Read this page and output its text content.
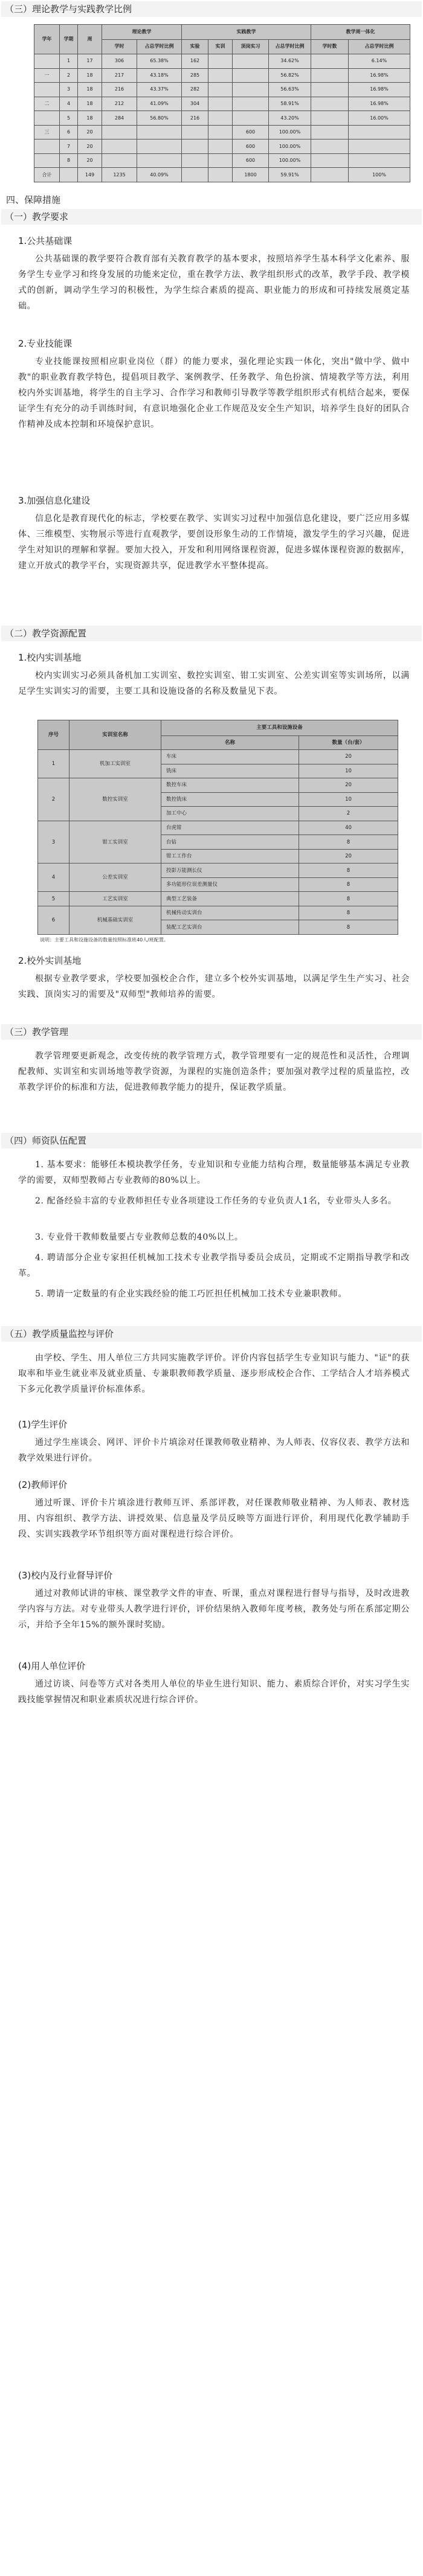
（三）理论教学与实践教学比例
学年	学期	周	理论教学		实践教学				教学周一体化	
			学时	占总学时比例	实验	实训	顶岗实习	占总学时比例	学时数	占总学时比例
	1	17	306	65.38%	162			34.62%		6.14%
一	2	18	217	43.18%	285			56.82%		16.98%
	3	18	216	43.37%	282			56.63%		16.98%
二	4	18	212	41.09%	304			58.91%		16.98%
	5	18	284	56.80%	216			43.20%		16.00%
三	6	20					600	100.00%		
	7	20					600	100.00%		
	8	20					600	100.00%		
合计		149	1235	40.09%			1800	59.91%		100%
四、保障措施
（一）教学要求
1.公共基础课
公共基础课的教学要符合教育部有关教育教学的基本要求，按照培养学生基本科学文化素养、服务学生专业学习和终身发展的功能来定位，重在教学方法、教学组织形式的改革，教学手段、教学模式的创新，调动学生学习的积极性，为学生综合素质的提高、职业能力的形成和可持续发展奠定基础。
2.专业技能课
专业技能课按照相应职业岗位（群）的能力要求，强化理论实践一体化，突出"做中学、做中教"的职业教育教学特色，提倡项目教学、案例教学、任务教学、角色扮演、情境教学等方法，利用校内外实训基地，将学生的自主学习、合作学习和教师引导教学等教学组织形式有机结合起来，要保证学生有充分的动手训练时间，有意识地强化企业工作规范及安全生产知识，培养学生良好的团队合作精神及成本控制和环境保护意识。
3.加强信息化建设
信息化是教育现代化的标志，学校要在教学、实训实习过程中加强信息化建设，要广泛应用多媒体、三维模型、实物展示等进行直观教学，要创设形象生动的工作情境，激发学生的学习兴趣，促进学生对知识的理解和掌握。要加大投入，开发和利用网络课程资源，促进多媒体课程资源的数据库，建立开放式的教学平台，实现资源共享，促进教学水平整体提高。
（二）教学资源配置
1.校内实训基地
校内实训实习必须具备机加工实训室、数控实训室、钳工实训室、公差实训室等实训场所，以满足学生实训实习的需要，主要工具和设施设备的名称及数量见下表。
序号	实训室名称	主要工具和设施设备	
		名称	数量（台/套）
1	机加工实训室	车床	20
		铣床	10
2	数控实训室	数控车床	20
		数控铣床	10
		加工中心	2
3	钳工实训室	台虎钳	40
		台钻	8
		钳工工作台	20
4	公差实训室	投影万能测长仪	8
		多功能形位误差测量仪	8
5	工艺实训室	典型工艺装备	8
6	机械基础实训室	机械传动实训台	8
		装配工艺实训台	8
说明：主要工具和设施设备的数量按照标准班40人/班配置。
2.校外实训基地
根据专业教学要求，学校要加强校企合作，建立多个校外实训基地，以满足学生生产实习、社会实践、顶岗实习的需要及"双师型"教师培养的需要。
（三）教学管理
教学管理要更新观念，改变传统的教学管理方式，教学管理要有一定的规范性和灵活性，合理调配教师、实训室和实训场地等教学资源，为课程的实施创造条件；要加强对教学过程的质量监控，改革教学评价的标准和方法，促进教师教学能力的提升，保证教学质量。
（四）师资队伍配置
1. 基本要求：能够任本模块教学任务，专业知识和专业能力结构合理，数量能够基本满足专业教学的需要，双师型教师占专业教师的80%以上。
2. 配备经验丰富的专业教师担任专业各项建设工作任务的专业负责人1名，专业带头人多名。
3. 专业骨干教师数量要占专业教师总数的40%以上。
4. 聘请部分企业专家担任机械加工技术专业教学指导委员会成员，定期或不定期指导教学和改革。
5. 聘请一定数量的有企业实践经验的能工巧匠担任机械加工技术专业兼职教师。
（五）教学质量监控与评价
由学校、学生、用人单位三方共同实施教学评价。评价内容包括学生专业知识与能力、"证"的获取率和毕业生就业率及就业质量、专兼职教师教学质量、逐步形成校企合作、工学结合人才培养模式下多元化教学质量评价标准体系。
(1)学生评价
通过学生座谈会、网评、评价卡片填涂对任课教师敬业精神、为人师表、仪容仪表、教学方法和教学效果进行评价。
(2)教师评价
通过听课、评价卡片填涂进行教师互评、系部评教，对任课教师敬业精神、为人师表、教材选用、内容组织、教学方法、讲授效果、信息量及学员反映等方面进行评价，利用现代化教学辅助手段、实训实践教学环节组织等方面对课程进行综合评价。
(3)校内及行业督导评价
通过对教师试讲的审核、课堂教学文件的审查、听课，重点对课程进行督导与指导，及时改进教学内容与方法。对专业带头人教学进行评价，评价结果纳入教师年度考核，教务处与所在系部定期公示，并给予全年15%的额外课时奖励。
(4)用人单位评价
通过访谈、问卷等方式对各类用人单位的毕业生进行知识、能力、素质综合评价，对实习学生实践技能掌握情况和职业素质状况进行综合评价。
